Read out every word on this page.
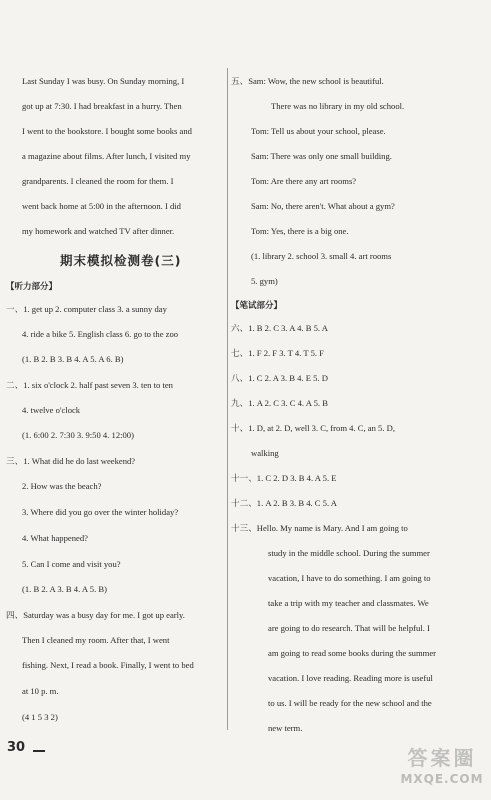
Last Sunday I was busy. On Sunday morning, I
got up at 7:30. I had breakfast in a hurry. Then
I went to the bookstore. I bought some books and
a magazine about films. After lunch, I visited my
grandparents. I cleaned the room for them. I
went back home at 5:00 in the afternoon. I did
my homework and watched TV after dinner.
期末模拟检测卷(三)
【听力部分】
一、1. get up 2. computer class 3. a sunny day
4. ride a bike 5. English class 6. go to the zoo
(1. B 2. B 3. B 4. A 5. A 6. B)
二、1. six o'clock 2. half past seven 3. ten to ten
4. twelve o'clock
(1. 6:00 2. 7:30 3. 9:50 4. 12:00)
三、1. What did he do last weekend?
2. How was the beach?
3. Where did you go over the winter holiday?
4. What happened?
5. Can I come and visit you?
(1. B 2. A 3. B 4. A 5. B)
四、Saturday was a busy day for me. I got up early.
Then I cleaned my room. After that, I went
fishing. Next, I read a book. Finally, I went to bed
at 10 p. m.
(4 1 5 3 2)
五、Sam: Wow, the new school is beautiful.
There was no library in my old school.
Tom: Tell us about your school, please.
Sam: There was only one small building.
Tom: Are there any art rooms?
Sam: No, there aren't. What about a gym?
Tom: Yes, there is a big one.
(1. library 2. school 3. small 4. art rooms
5. gym)
【笔试部分】
六、1. B 2. C 3. A 4. B 5. A
七、1. F 2. F 3. T 4. T 5. F
八、1. C 2. A 3. B 4. E 5. D
九、1. A 2. C 3. C 4. A 5. B
十、1. D, at 2. D, well 3. C, from 4. C, an 5. D,
walking
十一、1. C 2. D 3. B 4. A 5. E
十二、1. A 2. B 3. B 4. C 5. A
十三、Hello. My name is Mary. And I am going to
study in the middle school. During the summer
vacation, I have to do something. I am going to
take a trip with my teacher and classmates. We
are going to do research. That will be helpful. I
am going to read some books during the summer
vacation. I love reading. Reading more is useful
to us. I will be ready for the new school and the
new term.
30	答案圈
MXQE.COM
